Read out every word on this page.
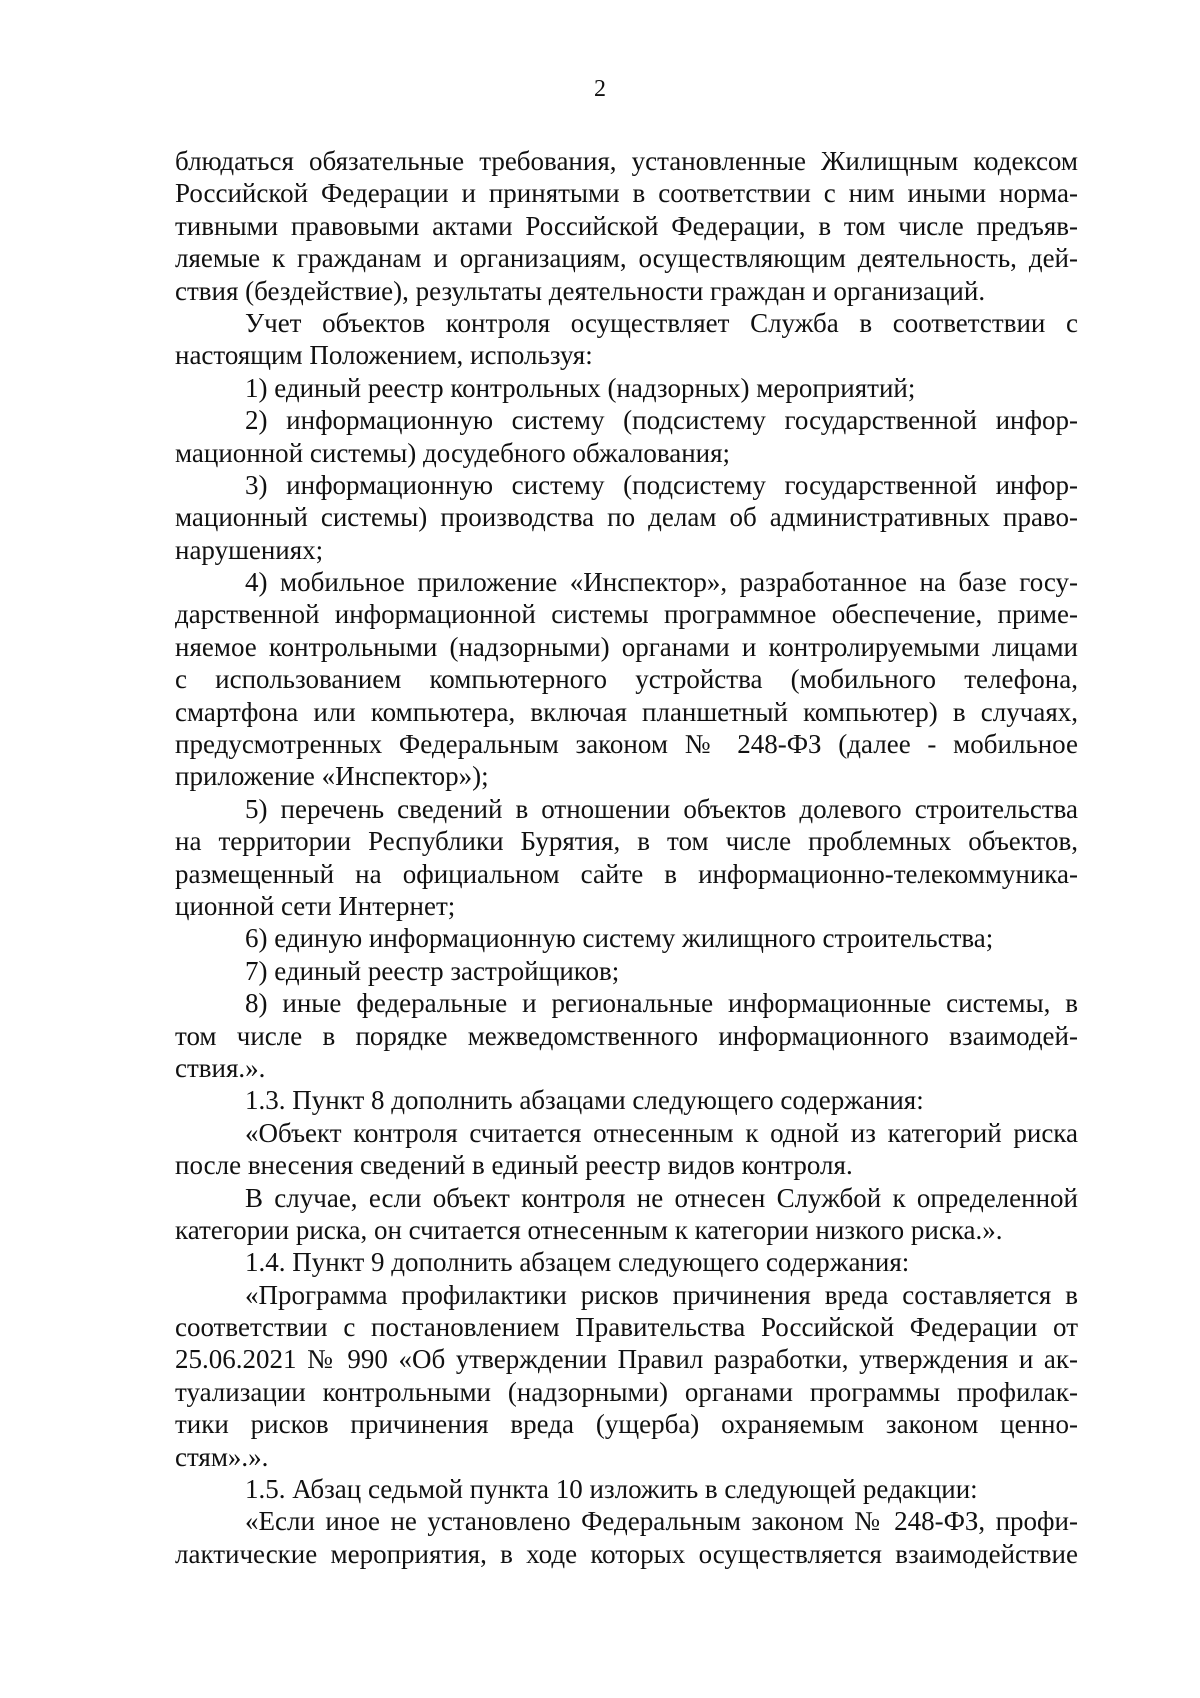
2
блюдаться обязательные требования, установленные Жилищным кодексом
Российской Федерации и принятыми в соответствии с ним иными норма-
тивными правовыми актами Российской Федерации, в том числе предъяв-
ляемые к гражданам и организациям, осуществляющим деятельность, дей-
ствия (бездействие), результаты деятельности граждан и организаций.
Учет объектов контроля осуществляет Служба в соответствии с
настоящим Положением, используя:
1) единый реестр контрольных (надзорных) мероприятий;
2) информационную систему (подсистему государственной инфор-
мационной системы) досудебного обжалования;
3) информационную систему (подсистему государственной инфор-
мационный системы) производства по делам об административных право-
нарушениях;
4) мобильное приложение «Инспектор», разработанное на базе госу-
дарственной информационной системы программное обеспечение, приме-
няемое контрольными (надзорными) органами и контролируемыми лицами
с использованием компьютерного устройства (мобильного телефона,
смартфона или компьютера, включая планшетный компьютер) в случаях,
предусмотренных Федеральным законом № 248-ФЗ (далее - мобильное
приложение «Инспектор»);
5) перечень сведений в отношении объектов долевого строительства
на территории Республики Бурятия, в том числе проблемных объектов,
размещенный на официальном сайте в информационно-телекоммуника-
ционной сети Интернет;
6) единую информационную систему жилищного строительства;
7) единый реестр застройщиков;
8) иные федеральные и региональные информационные системы, в
том числе в порядке межведомственного информационного взаимодей-
ствия.».
1.3. Пункт 8 дополнить абзацами следующего содержания:
«Объект контроля считается отнесенным к одной из категорий риска
после внесения сведений в единый реестр видов контроля.
В случае, если объект контроля не отнесен Службой к определенной
категории риска, он считается отнесенным к категории низкого риска.».
1.4. Пункт 9 дополнить абзацем следующего содержания:
«Программа профилактики рисков причинения вреда составляется в
соответствии с постановлением Правительства Российской Федерации от
25.06.2021 № 990 «Об утверждении Правил разработки, утверждения и ак-
туализации контрольными (надзорными) органами программы профилак-
тики рисков причинения вреда (ущерба) охраняемым законом ценно-
стям».».
1.5. Абзац седьмой пункта 10 изложить в следующей редакции:
«Если иное не установлено Федеральным законом № 248-ФЗ, профи-
лактические мероприятия, в ходе которых осуществляется взаимодействие
